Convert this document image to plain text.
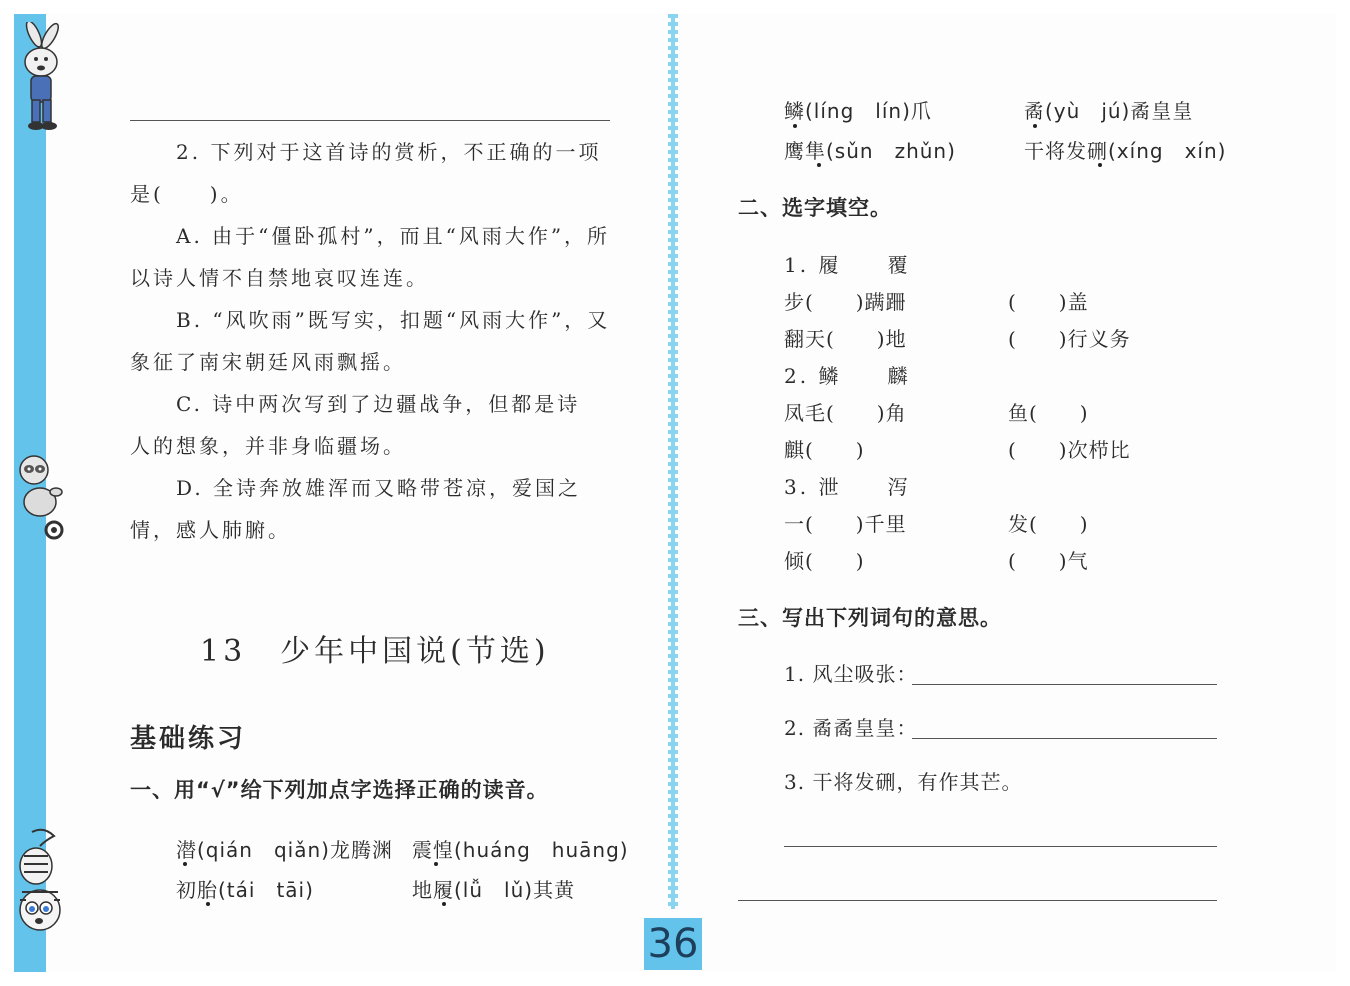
2. 下列对于这首诗的赏析，不正确的一项
是(　　)。
A. 由于“僵卧孤村”，而且“风雨大作”，所
以诗人情不自禁地哀叹连连。
B. “风吹雨”既写实，扣题“风雨大作”，又
象征了南宋朝廷风雨飘摇。
C. 诗中两次写到了边疆战争，但都是诗
人的想象，并非身临疆场。
D. 全诗奔放雄浑而又略带苍凉，爱国之
情，感人肺腑。
13　少年中国说(节选)
基础练习
一、用“√”给下列加点字选择正确的读音。
潜(qián　qiǎn)龙腾渊 震惶(huáng　huāng)
初胎(tái　tāi)	地履(lǚ　lǔ)其黄
鳞(líng　lín)爪	矞(yù　jú)矞皇皇
鹰隼(sǔn　zhǔn)	干将发硎(xíng　xín)
二、选字填空。
1. 履　　覆
步(　　)蹒跚	(　　)盖
翻天(　　)地	(　　)行义务
2. 鳞　　麟
凤毛(　　)角	鱼(　　)
麒(　　)	(　　)次栉比
3. 泄　　泻
一(　　)千里	发(　　)
倾(　　)	(　　)气
三、写出下列词句的意思。
1. 风尘吸张：
2. 矞矞皇皇：
3. 干将发硎，有作其芒。
36
